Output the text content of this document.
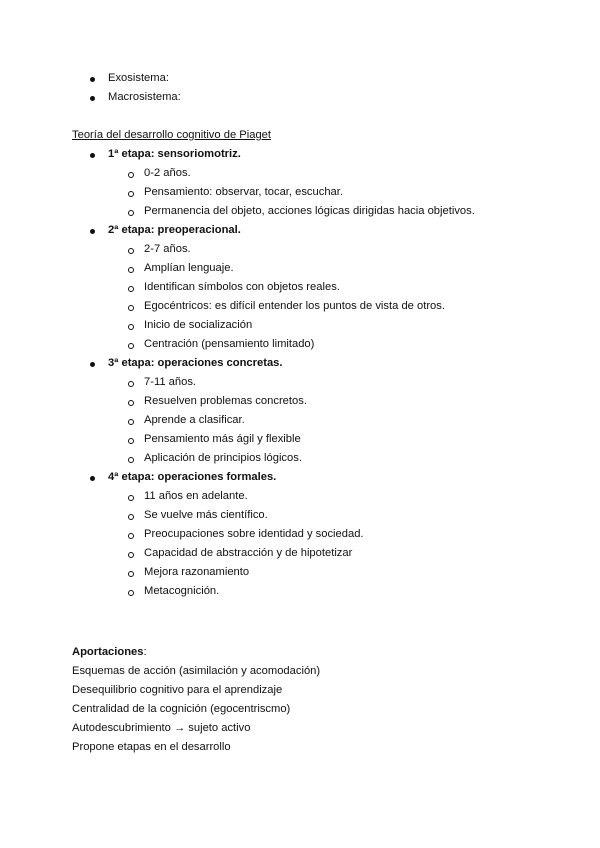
Exosistema:
Macrosistema:
Teoría del desarrollo cognitivo de Piaget
1ª etapa: sensoriomotriz.
0-2 años.
Pensamiento: observar, tocar, escuchar.
Permanencia del objeto, acciones lógicas dirigidas hacia objetivos.
2ª etapa: preoperacional.
2-7 años.
Amplían lenguaje.
Identifican símbolos con objetos reales.
Egocéntricos: es difícil entender los puntos de vista de otros.
Inicio de socialización
Centración (pensamiento limitado)
3ª etapa: operaciones concretas.
7-11 años.
Resuelven problemas concretos.
Aprende a clasificar.
Pensamiento más ágil y flexible
Aplicación de principios lógicos.
4ª etapa: operaciones formales.
11 años en adelante.
Se vuelve más científico.
Preocupaciones sobre identidad y sociedad.
Capacidad de abstracción y de hipotetizar
Mejora razonamiento
Metacognición.
Aportaciones:
Esquemas de acción (asimilación y acomodación)
Desequilibrio cognitivo para el aprendizaje
Centralidad de la cognición (egocentriscmo)
Autodescubrimiento → sujeto activo
Propone etapas en el desarrollo
